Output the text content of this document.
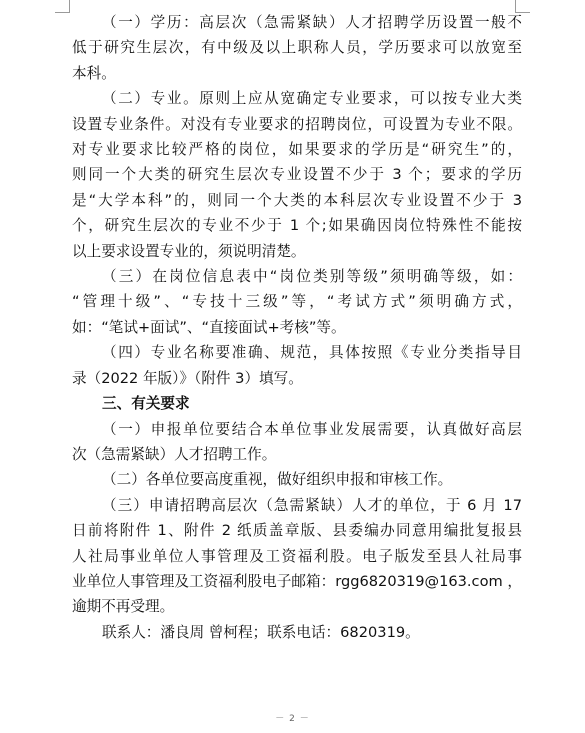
（一）学历：高层次（急需紧缺）人才招聘学历设置一般不

低于研究生层次，有中级及以上职称人员，学历要求可以放宽至

本科。

（二）专业。原则上应从宽确定专业要求，可以按专业大类

设置专业条件。对没有专业要求的招聘岗位，可设置为专业不限。

对专业要求比较严格的岗位，如果要求的学历是“研究生”的，

则同一个大类的研究生层次专业设置不少于 3 个；要求的学历

是“大学本科”的，则同一个大类的本科层次专业设置不少于 3

个，研究生层次的专业不少于 1 个;如果确因岗位特殊性不能按

以上要求设置专业的，须说明清楚。

（三）在岗位信息表中“岗位类别等级”须明确等级，如：

“管理十级”、“专技十三级”等，“考试方式”须明确方式，

如：“笔试+面试”、“直接面试+考核”等。

（四）专业名称要准确、规范，具体按照《专业分类指导目

录（2022 年版）》（附件 3）填写。

三、有关要求

（一）申报单位要结合本单位事业发展需要，认真做好高层

次（急需紧缺）人才招聘工作。

（二）各单位要高度重视，做好组织申报和审核工作。

（三）申请招聘高层次（急需紧缺）人才的单位，于 6 月 17

日前将附件 1、附件 2 纸质盖章版、县委编办同意用编批复报县

人社局事业单位人事管理及工资福利股。电子版发至县人社局事

业单位人事管理及工资福利股电子邮箱：rgg6820319@163.com ，

逾期不再受理。

联系人：潘良周 曾柯程；联系电话：6820319。

－ 2 －
